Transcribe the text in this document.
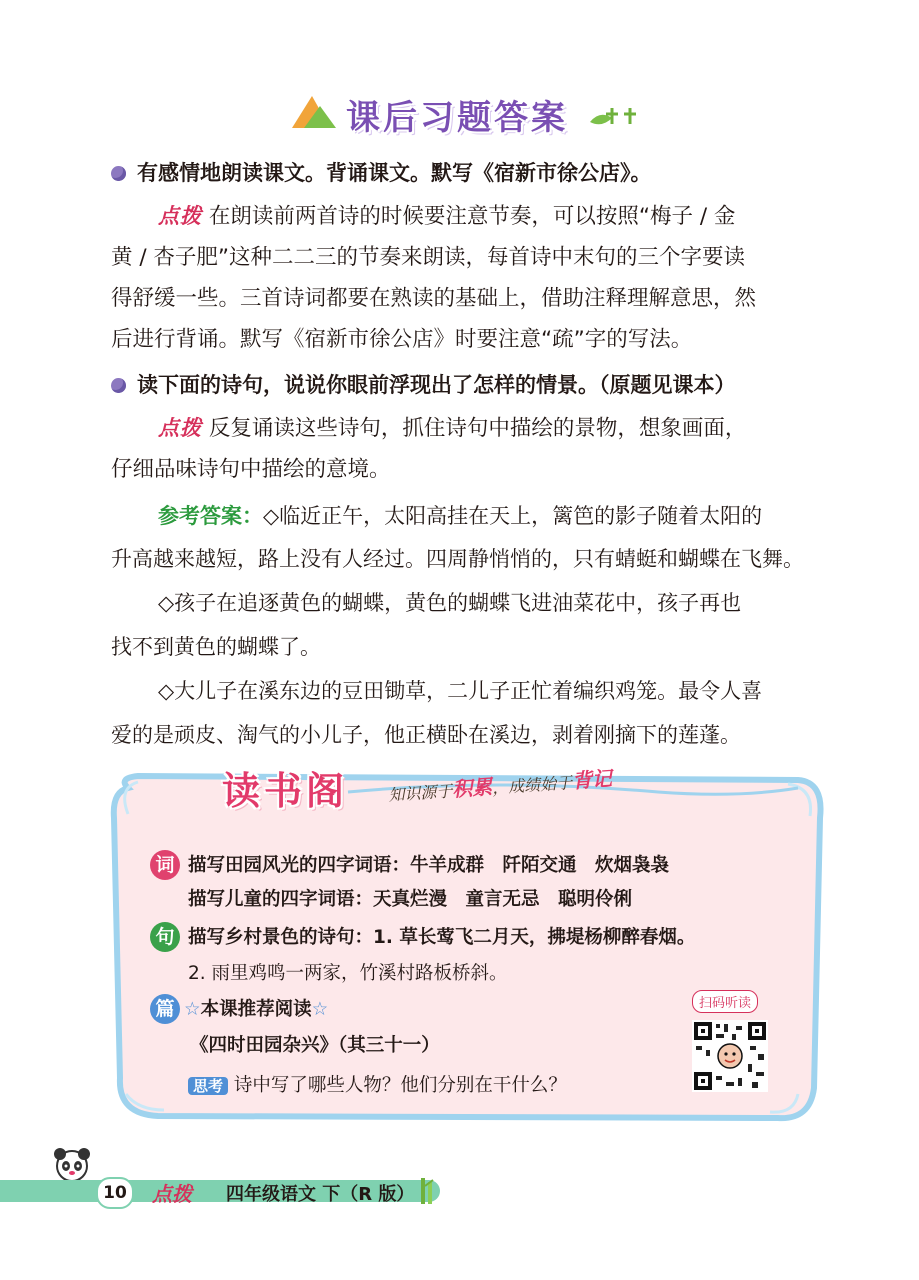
课后习题答案
有感情地朗读课文。背诵课文。默写《宿新市徐公店》。
点拨 在朗读前两首诗的时候要注意节奏，可以按照“梅子 / 金
黄 / 杏子肥”这种二二三的节奏来朗读，每首诗中末句的三个字要读
得舒缓一些。三首诗词都要在熟读的基础上，借助注释理解意思，然
后进行背诵。默写《宿新市徐公店》时要注意“疏”字的写法。
读下面的诗句，说说你眼前浮现出了怎样的情景。（原题见课本）
点拨 反复诵读这些诗句，抓住诗句中描绘的景物，想象画面，
仔细品味诗句中描绘的意境。
参考答案：◇临近正午，太阳高挂在天上，篱笆的影子随着太阳的
升高越来越短，路上没有人经过。四周静悄悄的，只有蜻蜓和蝴蝶在飞舞。
◇孩子在追逐黄色的蝴蝶，黄色的蝴蝶飞进油菜花中，孩子再也
找不到黄色的蝴蝶了。
◇大儿子在溪东边的豆田锄草，二儿子正忙着编织鸡笼。最令人喜
爱的是顽皮、淘气的小儿子，他正横卧在溪边，剥着刚摘下的莲蓬。
读书阁 知识源于积累，成绩始于背记
词 描写田园风光的四字词语：牛羊成群　阡陌交通　炊烟袅袅
描写儿童的四字词语：天真烂漫　童言无忌　聪明伶俐
句 描写乡村景色的诗句：1. 草长莺飞二月天，拂堤杨柳醉春烟。
2. 雨里鸡鸣一两家，竹溪村路板桥斜。
篇 ☆本课推荐阅读☆
《四时田园杂兴》（其三十一）
思考 诗中写了哪些人物？他们分别在干什么？
扫码听读
10	点拨 四年级语文 下（R 版）
